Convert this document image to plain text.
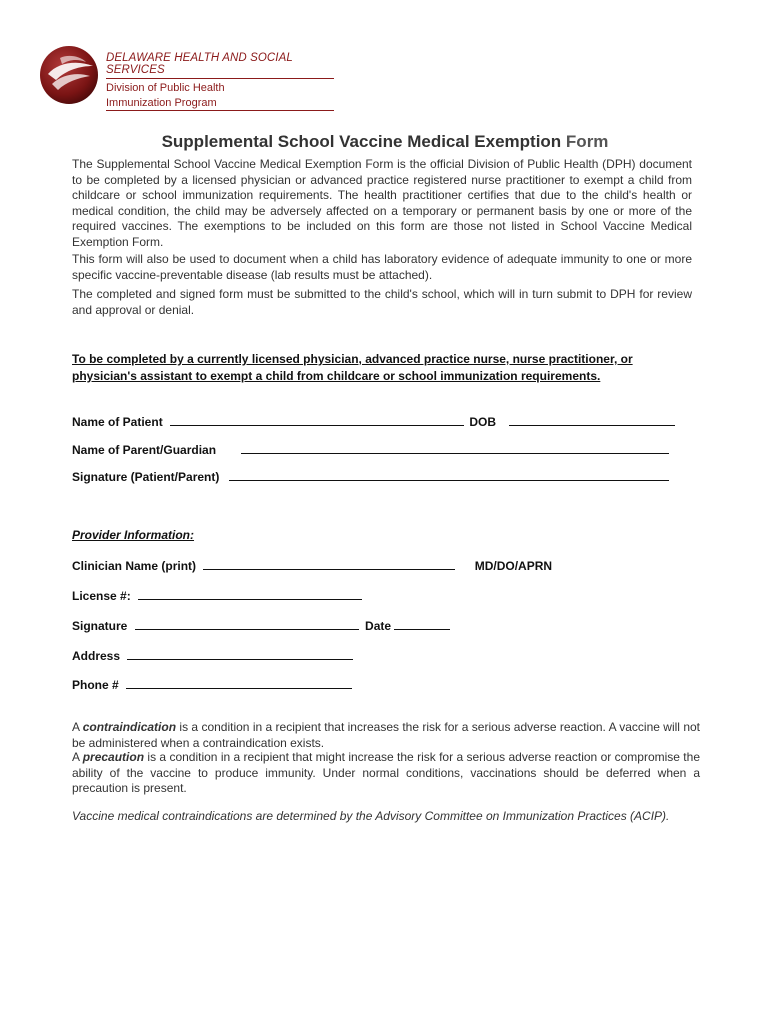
DELAWARE HEALTH AND SOCIAL SERVICES
Division of Public Health
Immunization Program
Supplemental School Vaccine Medical Exemption Form

The Supplemental School Vaccine Medical Exemption Form is the official Division of Public Health (DPH) document to be completed by a licensed physician or advanced practice registered nurse practitioner to exempt a child from childcare or school immunization requirements. The health practitioner certifies that due to the child's health or medical condition, the child may be adversely affected on a temporary or permanent basis by one or more of the required vaccines. The exemptions to be included on this form are those not listed in School Vaccine Medical Exemption Form.

This form will also be used to document when a child has laboratory evidence of adequate immunity to one or more specific vaccine-preventable disease (lab results must be attached).

The completed and signed form must be submitted to the child's school, which will in turn submit to DPH for review and approval or denial.

To be completed by a currently licensed physician, advanced practice nurse, nurse practitioner, or physician's assistant to exempt a child from childcare or school immunization requirements.
Name of Patient	DOB
Name of Parent/Guardian
Signature (Patient/Parent)
Provider Information:
Clinician Name (print)	MD/DO/APRN
License #:
Signature	Date
Address
Phone #

A contraindication is a condition in a recipient that increases the risk for a serious adverse reaction. A vaccine will not be administered when a contraindication exists.

A precaution is a condition in a recipient that might increase the risk for a serious adverse reaction or compromise the ability of the vaccine to produce immunity. Under normal conditions, vaccinations should be deferred when a precaution is present.

Vaccine medical contraindications are determined by the Advisory Committee on Immunization Practices (ACIP).
